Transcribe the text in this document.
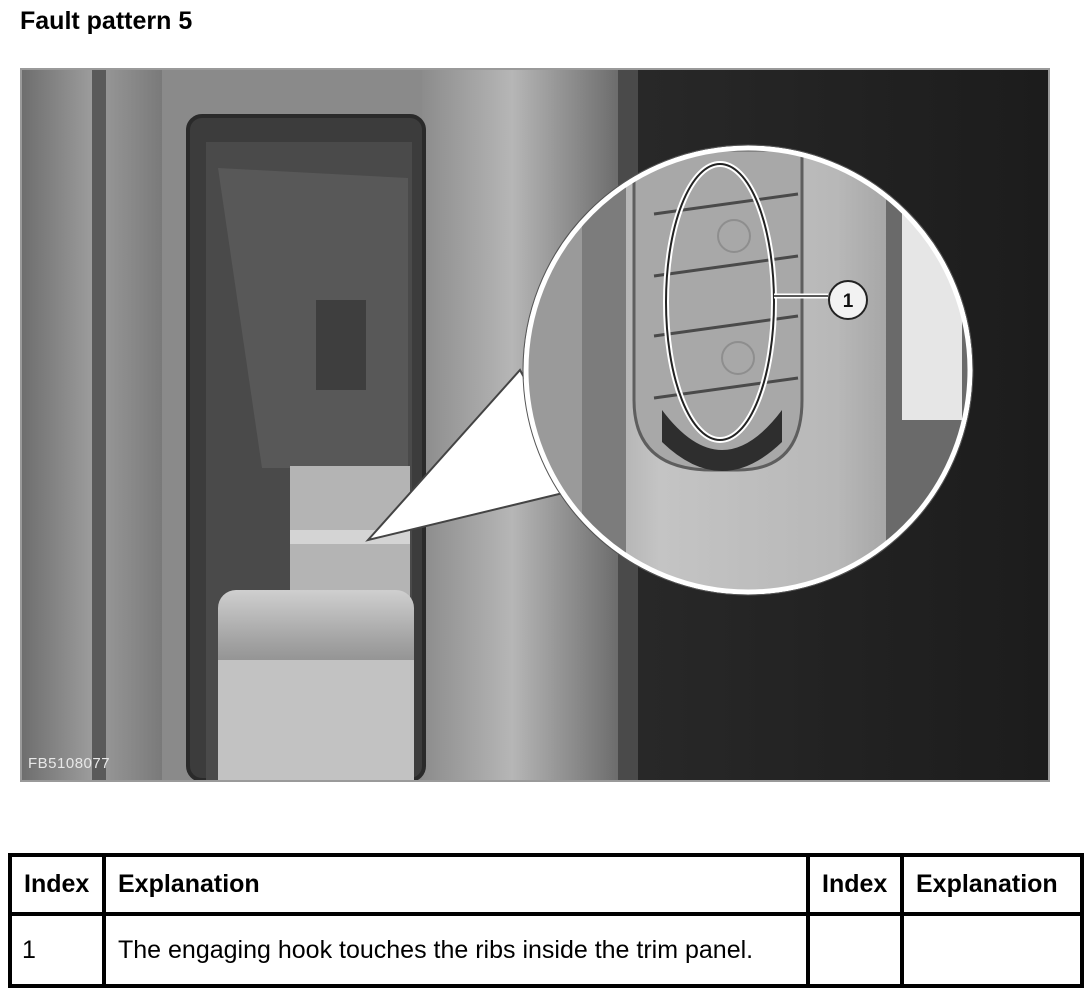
Fault pattern 5
1
FB5108077
Index	Explanation	Index	Explanation
1	The engaging hook touches the ribs inside the trim panel.		
